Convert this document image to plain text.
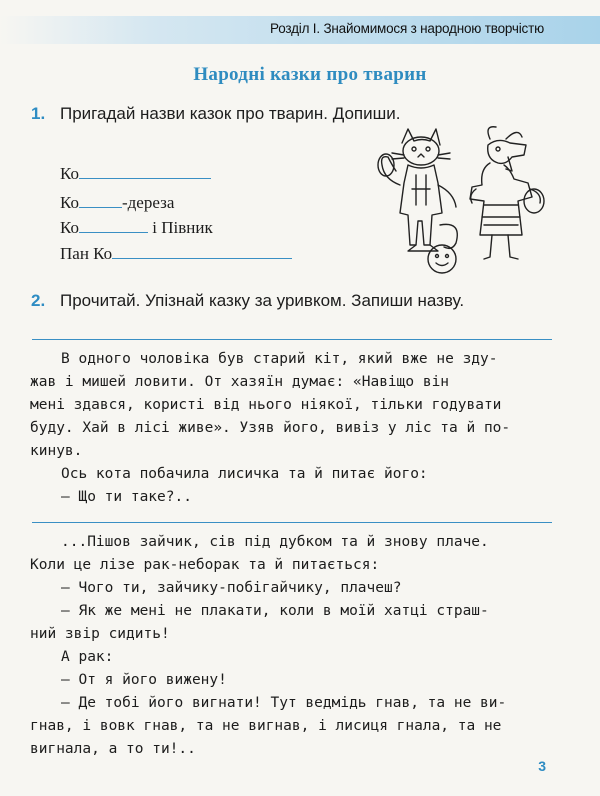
Розділ І. Знайомимося з народною творчістю
Народні казки про тварин
1. Пригадай назви казок про тварин. Допиши.
Ко
Ко	-дереза
Ко	і Півник
Пан Ко
2. Прочитай. Упізнай казку за уривком. Запиши назву.

В одного чоловіка був старий кіт, який вже не зду-

жав і мишей ловити. От хазяїн думає: «Навіщо він

мені здався, користі від нього ніякої, тільки годувати

буду. Хай в лісі живе». Узяв його, вивіз у ліс та й по-

кинув.

Ось кота побачила лисичка та й питає його:

— Що ти таке?..

...Пішов зайчик, сів під дубком та й знову плаче.

Коли це лізе рак-неборак та й питається:

— Чого ти, зайчику-побігайчику, плачеш?

— Як же мені не плакати, коли в моїй хатці страш-

ний звір сидить!

А рак:

— От я його вижену!

— Де тобі його вигнати! Тут ведмідь гнав, та не ви-

гнав, і вовк гнав, та не вигнав, і лисиця гнала, та не

вигнала, а то ти!..

3
